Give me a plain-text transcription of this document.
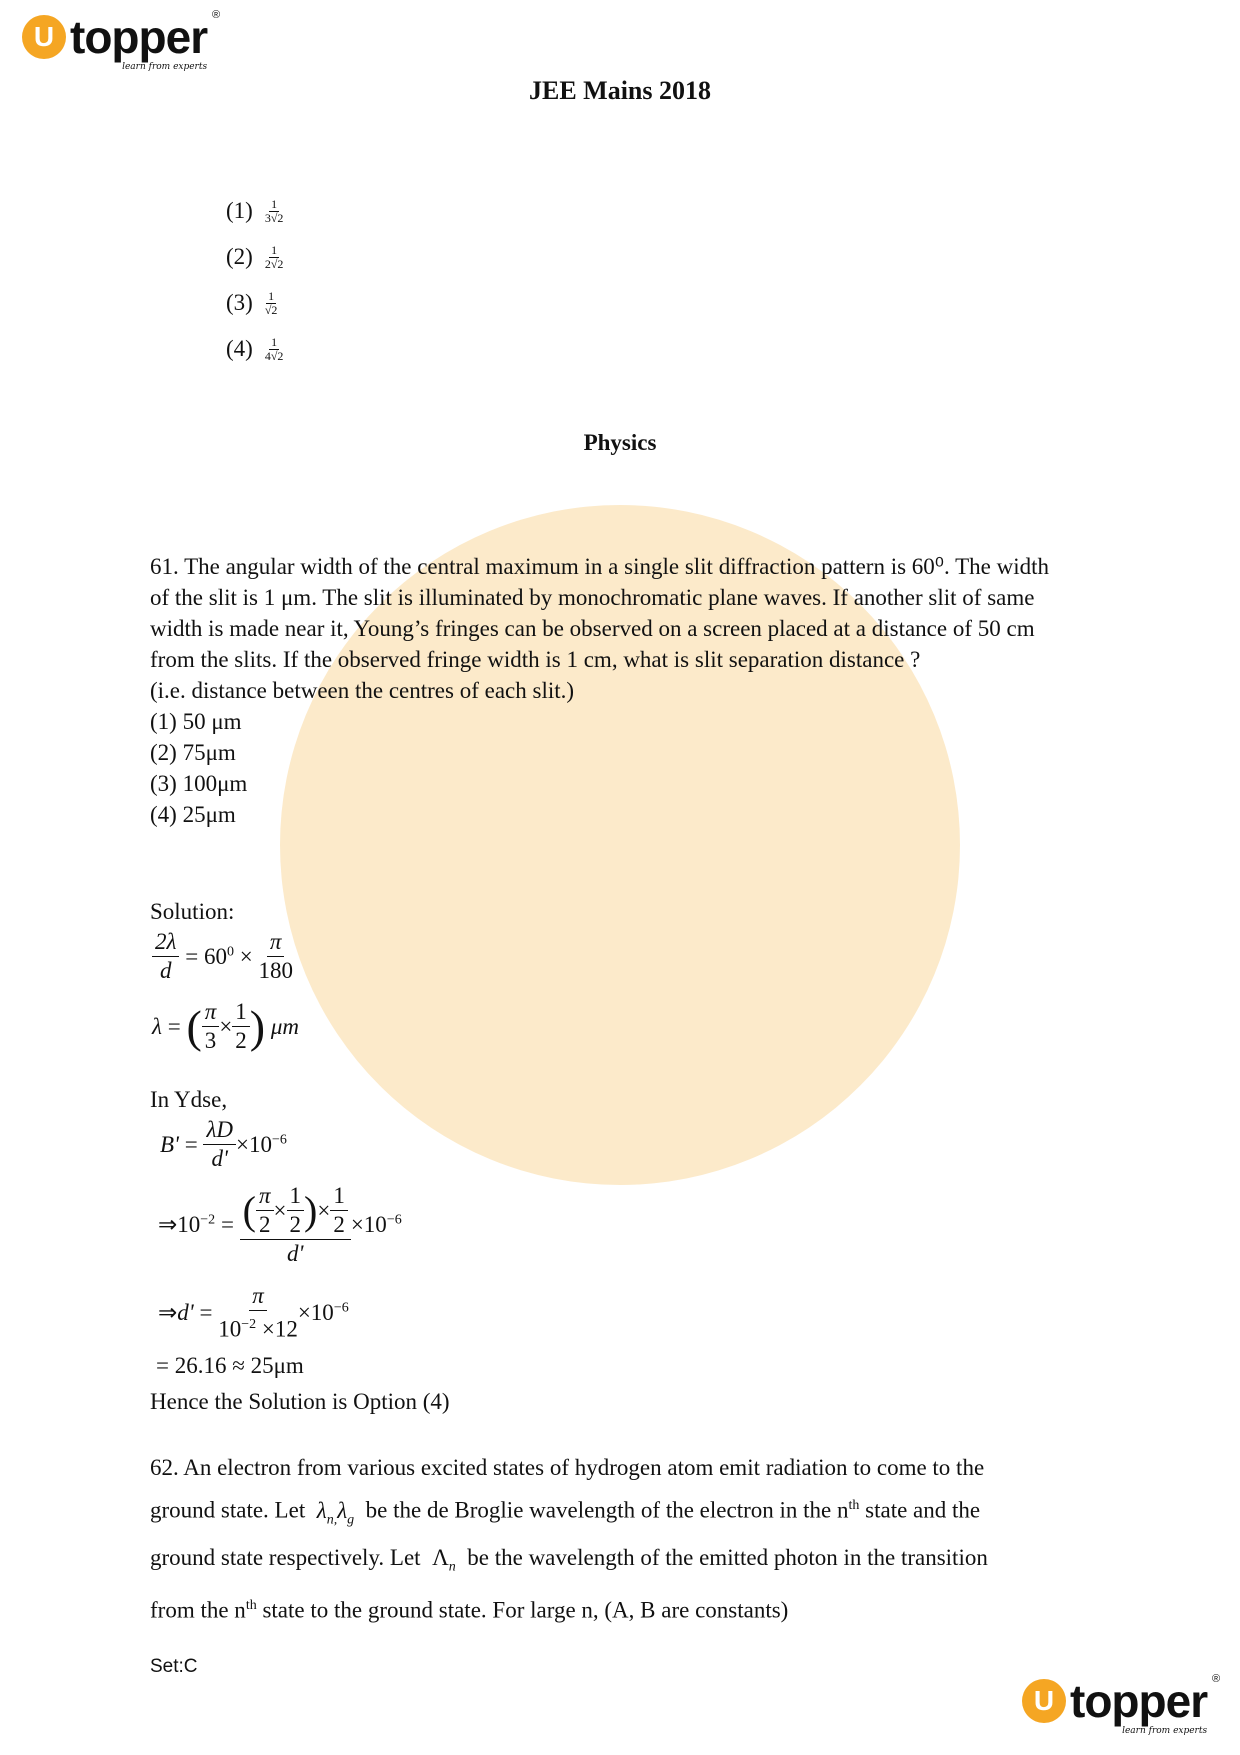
U topper ®
learn from experts
JEE Mains 2018
$(1) \frac{1}{3√2}$
$(2) \frac{1}{2√2}$
$(3) \frac{1}{√2}$
$(4) \frac{1}{4√2}$
Physics
61. The angular width of the central maximum in a single slit diffraction pattern is 60⁰. The width of the slit is 1 μm. The slit is illuminated by monochromatic plane waves. If another slit of same width is made near it, Young’s fringes can be observed on a screen placed at a distance of 50 cm from the slits. If the observed fringe width is 1 cm, what is slit separation distance ?
(i.e. distance between the centres of each slit.)
(1) 50 μm
(2) 75μm
(3) 100μm
(4) 25μm
Solution:
$\frac{2\lambda}{d} = 60^0 \times \frac{\pi}{180}$
λ = ( $\frac{\pi}{3} \times \frac{1}{2}$ ) μm
In Ydse,
$B' = \frac{\lambda D}{d'} \times 10^{-6}$
$\Rightarrow 10^{-2} = \frac{( \frac{\pi}{2} \times \frac{1}{2} ) \times \frac{1}{2}}{d'} \times 10^{-6}$
⇒d' = $\frac{\pi}{10^{-2} \times 12} \times 10^{-6}$
= 26.16 ≈ 25μm
Hence the Solution is Option (4)
62. An electron from various excited states of hydrogen atom emit radiation to come to the
ground state. Let  $\lambda_{n,}\lambda_g$ be the de Broglie wavelength of the electron in the $n^{th}$ state and the
ground state respectively. Let  $\Lambda_n$ be the wavelength of the emitted photon in the transition
from the $n^{th}$ state to the ground state. For large n, (A, B are constants)
Set:C
U topper ®
learn from experts
